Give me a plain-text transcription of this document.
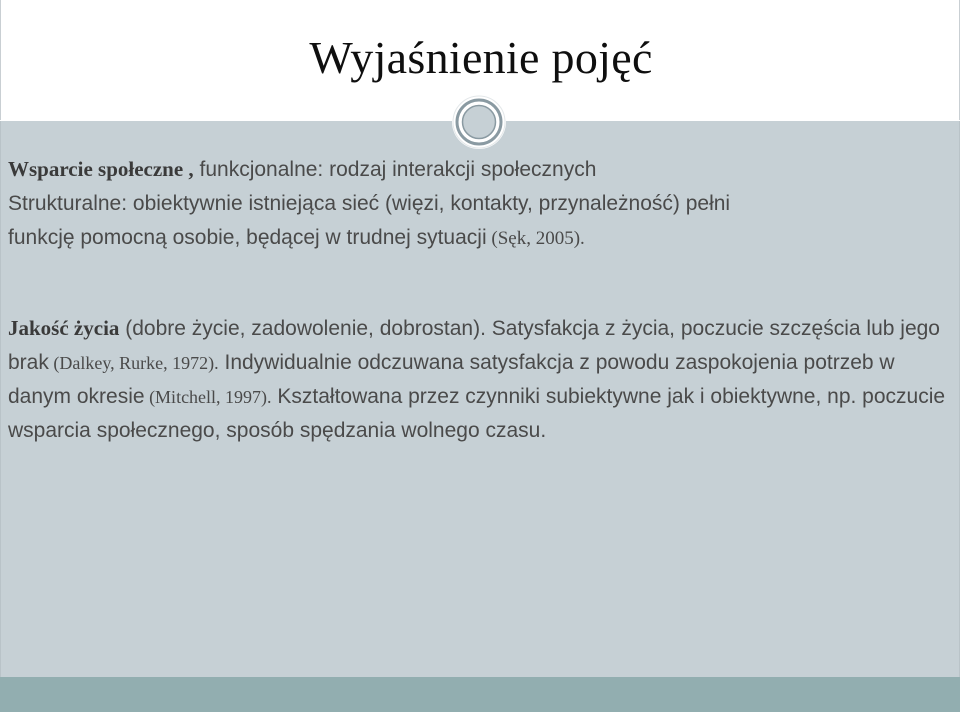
Wyjaśnienie pojęć

Wsparcie społeczne , funkcjonalne: rodzaj interakcji społecznych
Strukturalne: obiektywnie istniejąca sieć (więzi, kontakty, przynależność) pełni
funkcję pomocną osobie, będącej w trudnej sytuacji (Sęk, 2005).

Jakość życia (dobre życie, zadowolenie, dobrostan). Satysfakcja z życia, poczucie szczęścia lub jego brak (Dalkey, Rurke, 1972). Indywidualnie odczuwana satysfakcja z powodu zaspokojenia potrzeb w danym okresie (Mitchell, 1997). Kształtowana przez czynniki subiektywne jak i obiektywne, np. poczucie wsparcia społecznego, sposób spędzania wolnego czasu.
